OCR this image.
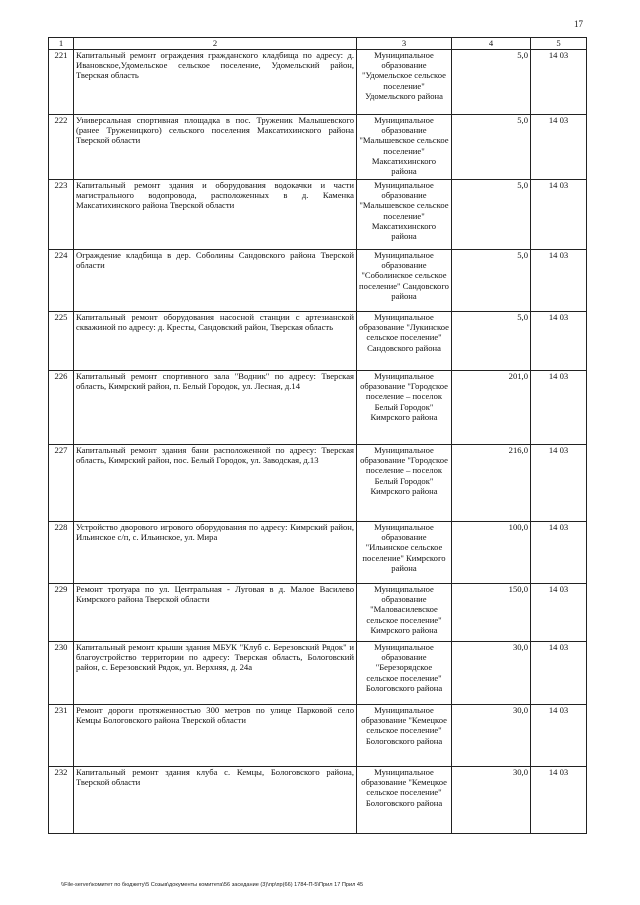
17
1	2	3	4	5
221	Капитальный ремонт ограждения гражданского кладбища по адресу: д. Ивановское,Удомельское сельское поселение, Удомельский район, Тверская область	Муниципальное образование "Удомельское сельское поселение" Удомельского района	5,0	14 03
222	Универсальная спортивная площадка в пос. Труженик Малышевского (ранее Труженицкого) сельского поселения Максатихинского района Тверской области	Муниципальное образование "Малышевское сельское поселение" Максатихинского района	5,0	14 03
223	Капитальный ремонт здания и оборудования водокачки и части магистрального водопровода, расположенных в д. Каменка Максатихинского района Тверской области	Муниципальное образование "Малышевское сельское поселение" Максатихинского района	5,0	14 03
224	Ограждение кладбища в дер. Соболины Сандовского района Тверской области	Муниципальное образование "Соболинское сельское поселение" Сандовского района	5,0	14 03
225	Капитальный ремонт оборудования насосной станции с артезианской скважиной по адресу: д. Кресты, Сандовский район, Тверская область	Муниципальное образование "Лукинское сельское поселение" Сандовского района	5,0	14 03
226	Капитальный ремонт спортивного зала "Водник" по адресу: Тверская область, Кимрский район, п. Белый Городок, ул. Лесная, д.14	Муниципальное образование "Городское поселение – поселок Белый Городок" Кимрского района	201,0	14 03
227	Капитальный ремонт здания бани расположенной по адресу: Тверская область, Кимрский район, пос. Белый Городок, ул. Заводская, д.13	Муниципальное образование "Городское поселение – поселок Белый Городок" Кимрского района	216,0	14 03
228	Устройство дворового игрового оборудования по адресу: Кимрский район, Ильинское с/п, с. Ильинское, ул. Мира	Муниципальное образование "Ильинское сельское поселение" Кимрского района	100,0	14 03
229	Ремонт тротуара по ул. Центральная - Луговая в д. Малое Василево Кимрского района Тверской области	Муниципальное образование "Маловасилевское сельское поселение" Кимрского района	150,0	14 03
230	Капитальный ремонт крыши здания МБУК "Клуб с. Березовский Рядок" и благоустройство территории по адресу: Тверская область, Бологовский район, с. Березовский Рядок, ул. Верхняя, д. 24а	Муниципальное образование "Березорядское сельское поселение" Бологовского района	30,0	14 03
231	Ремонт дороги протяженностью 300 метров по улице Парковой село Кемцы Бологовского района Тверской области	Муниципальное образование "Кемецкое сельское поселение" Бологовского района	30,0	14 03
232	Капитальный ремонт здания клуба с. Кемцы, Бологовского района, Тверской области	Муниципальное образование "Кемецкое сельское поселение" Бологовского района	30,0	14 03
\\File-server\комитет по бюджету\5 Созыв\документы комитета\56 заседание (3)\пр\пр(66) 1784-П-5\Прил 17 Прил 45
